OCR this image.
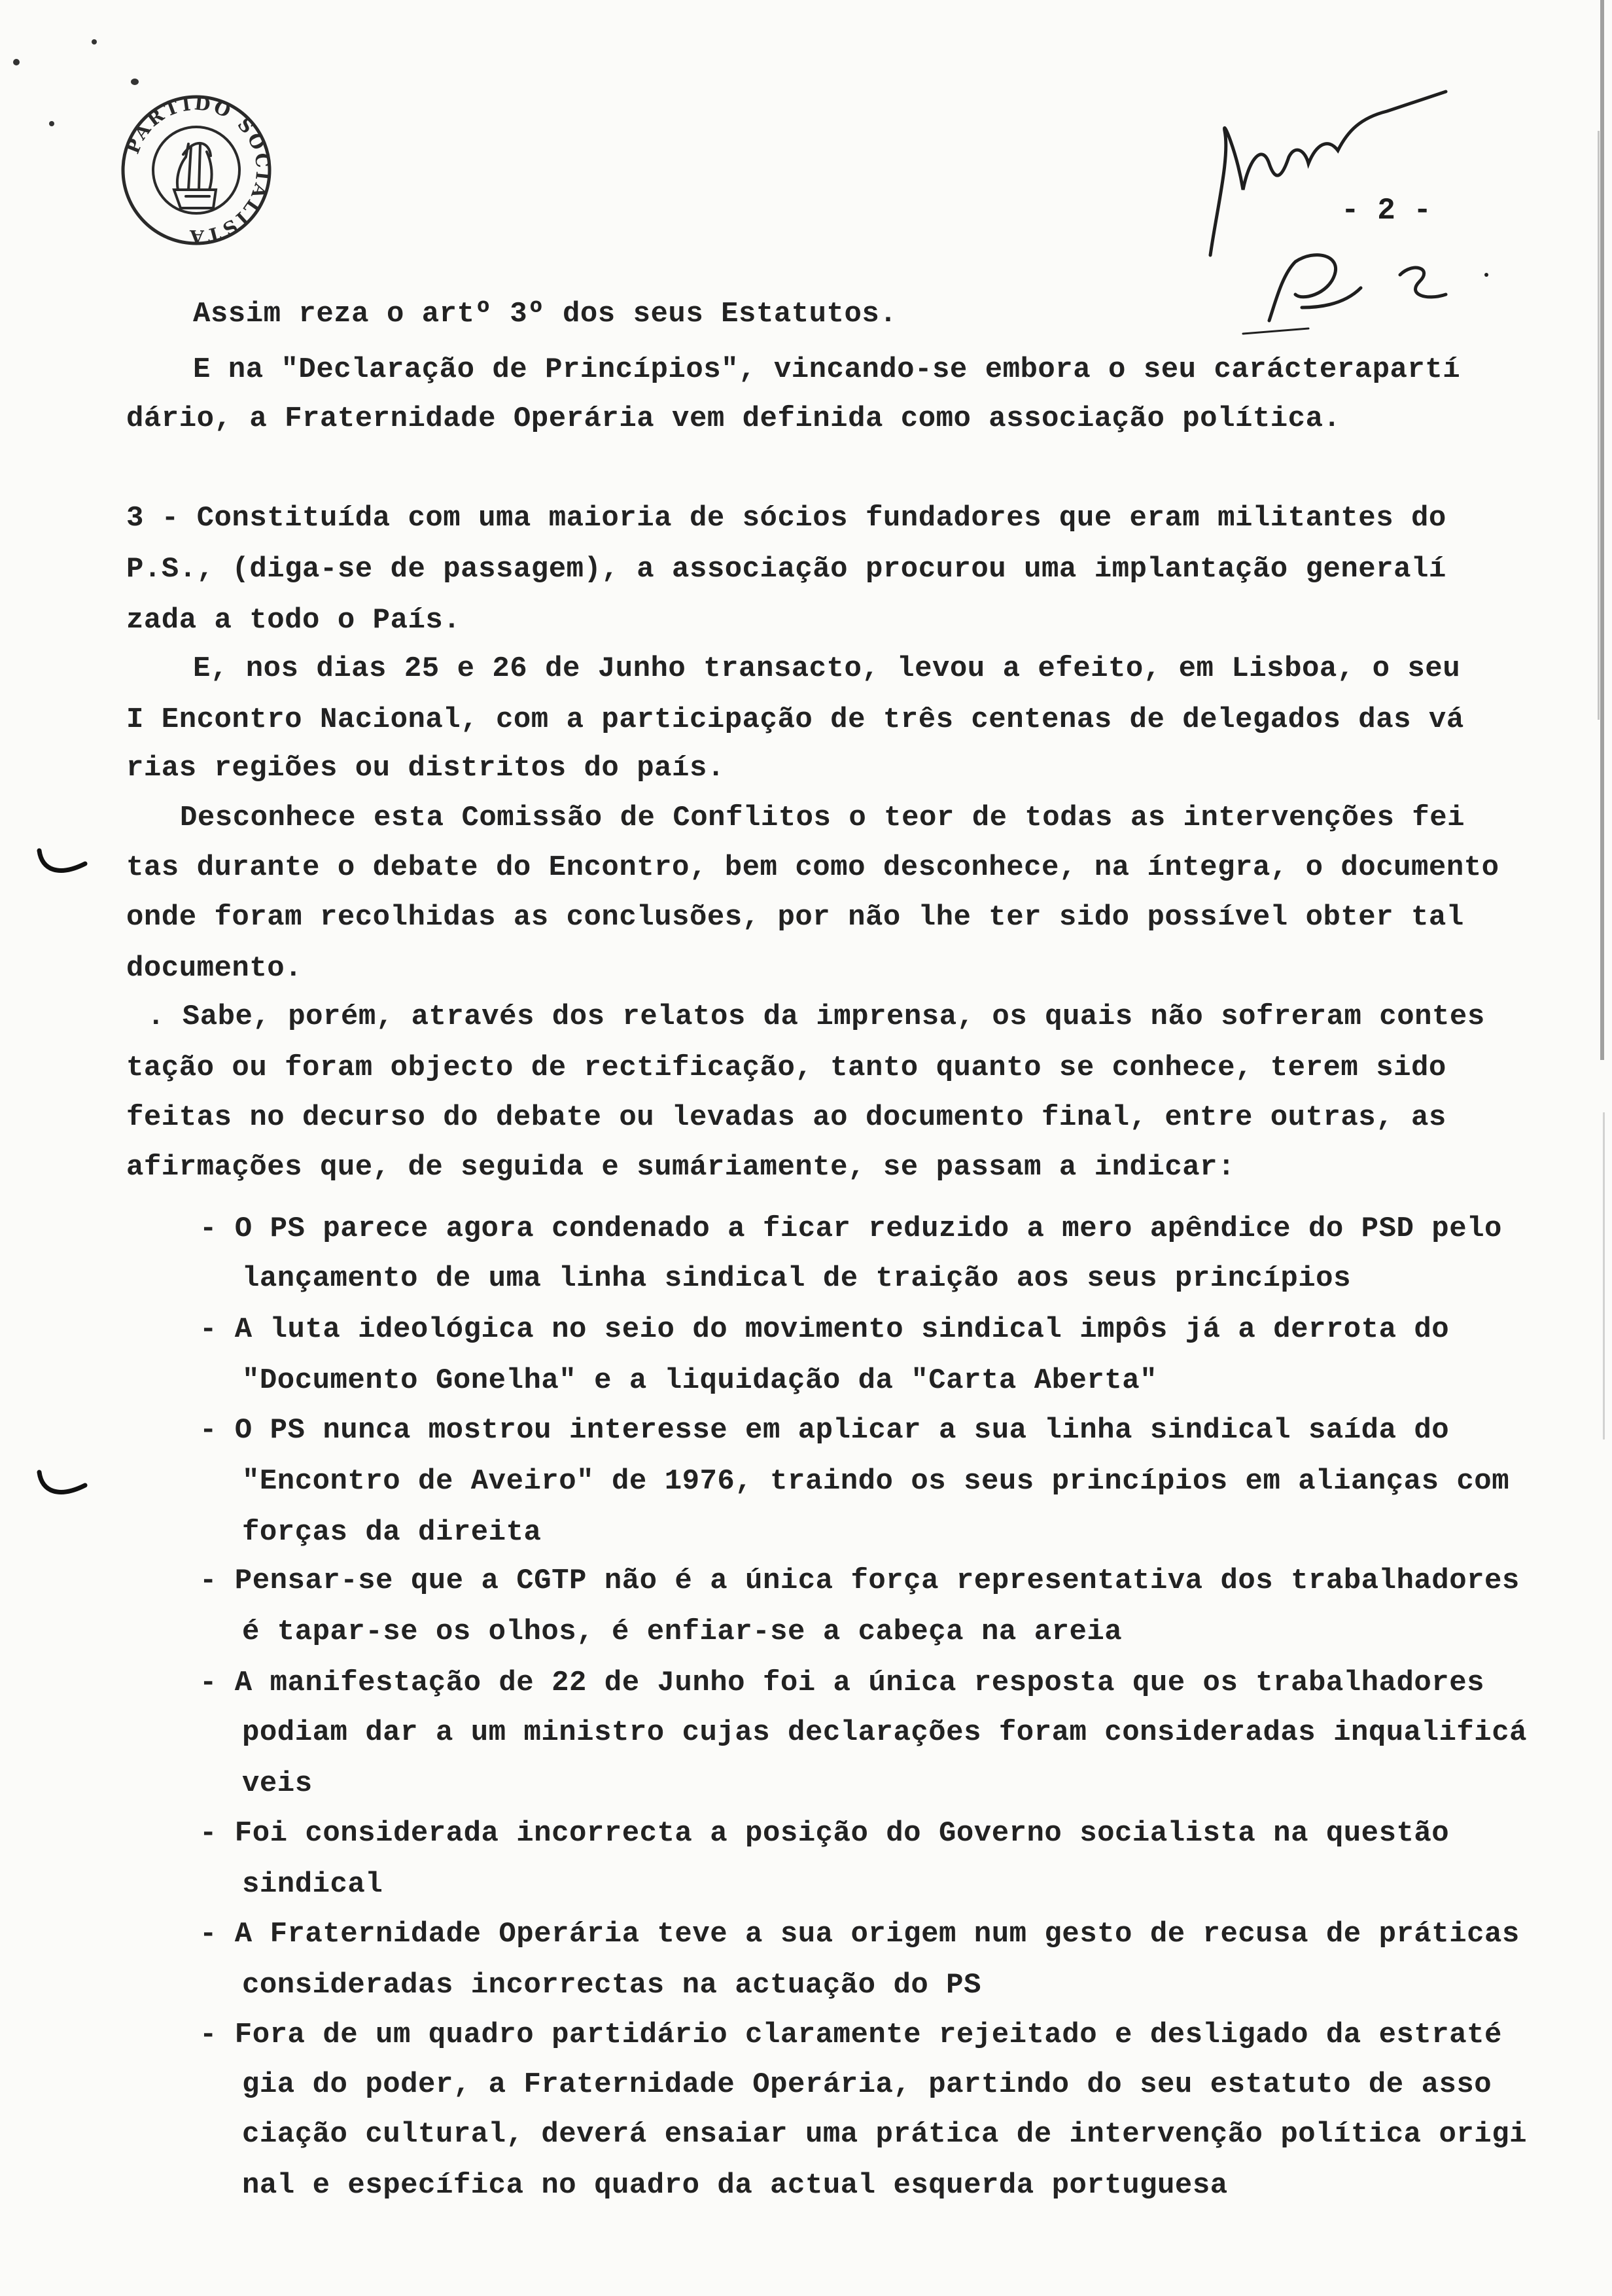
PARTIDO SOCIALISTA
- 2 -
Assim reza o artº 3º dos seus Estatutos.
E na "Declaração de Princípios", vincando-se embora o seu carácterapartí
dário, a Fraternidade Operária vem definida como associação política.
3 - Constituída com uma maioria de sócios fundadores que eram militantes do
P.S., (diga-se de passagem), a associação procurou uma implantação generalí
zada a todo o País.
E, nos dias 25 e 26 de Junho transacto, levou a efeito, em Lisboa, o seu
I Encontro Nacional, com a participação de três centenas de delegados das vá
rias regiões ou distritos do país.
Desconhece esta Comissão de Conflitos o teor de todas as intervenções fei
tas durante o debate do Encontro, bem como desconhece, na íntegra, o documento
onde foram recolhidas as conclusões, por não lhe ter sido possível obter tal
documento.
. Sabe, porém, através dos relatos da imprensa, os quais não sofreram contes
tação ou foram objecto de rectificação, tanto quanto se conhece, terem sido
feitas no decurso do debate ou levadas ao documento final, entre outras, as
afirmações que, de seguida e sumáriamente, se passam a indicar:
- O PS parece agora condenado a ficar reduzido a mero apêndice do PSD pelo
lançamento de uma linha sindical de traição aos seus princípios
- A luta ideológica no seio do movimento sindical impôs já a derrota do
"Documento Gonelha" e a liquidação da "Carta Aberta"
- O PS nunca mostrou interesse em aplicar a sua linha sindical saída do
"Encontro de Aveiro" de 1976, traindo os seus princípios em alianças com
forças da direita
- Pensar-se que a CGTP não é a única força representativa dos trabalhadores
é tapar-se os olhos, é enfiar-se a cabeça na areia
- A manifestação de 22 de Junho foi a única resposta que os trabalhadores
podiam dar a um ministro cujas declarações foram consideradas inqualificá
veis
- Foi considerada incorrecta a posição do Governo socialista na questão
sindical
- A Fraternidade Operária teve a sua origem num gesto de recusa de práticas
consideradas incorrectas na actuação do PS
- Fora de um quadro partidário claramente rejeitado e desligado da estraté
gia do poder, a Fraternidade Operária, partindo do seu estatuto de asso
ciação cultural, deverá ensaiar uma prática de intervenção política origi
nal e específica no quadro da actual esquerda portuguesa
